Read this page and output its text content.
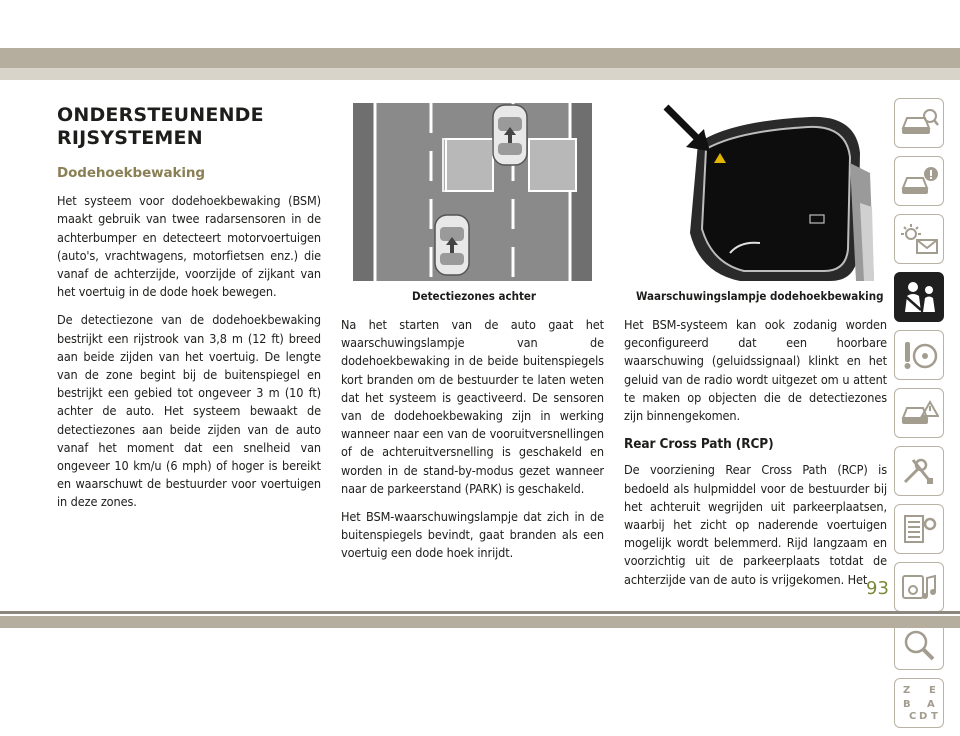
ONDERSTEUNENDE
RIJSYSTEMEN
Dodehoekbewaking

Het systeem voor dodehoekbewaking (BSM) maakt gebruik van twee radarsensoren in de achterbumper en detecteert motorvoertuigen (auto's, vrachtwagens, motorfietsen enz.) die vanaf de achterzijde, voorzijde of zijkant van het voertuig in de dode hoek bewegen.

De detectiezone van de dodehoekbewaking bestrijkt een rijstrook van 3,8 m (12 ft) breed aan beide zijden van het voertuig. De lengte van de zone begint bij de buitenspiegel en bestrijkt een gebied tot ongeveer 3 m (10 ft) achter de auto. Het systeem bewaakt de detectiezones aan beide zijden van de auto vanaf het moment dat een snelheid van ongeveer 10 km/u (6 mph) of hoger is bereikt en waarschuwt de bestuurder voor voertuigen in deze zones.

Detectiezones achter	Waarschuwingslampje dodehoekbewaking

Na het starten van de auto gaat het waarschuwingslampje van de dodehoekbewaking in de beide buitenspiegels kort branden om de bestuurder te laten weten dat het systeem is geactiveerd. De sensoren van de dodehoekbewaking zijn in werking wanneer naar een van de vooruitversnellingen of de achteruitversnelling is geschakeld en worden in de stand-by-modus gezet wanneer naar de parkeerstand (PARK) is geschakeld.

Het BSM-waarschuwingslampje dat zich in de buitenspiegels bevindt, gaat branden als een voertuig een dode hoek inrijdt.

Het BSM-systeem kan ook zodanig worden geconfigureerd dat een hoorbare waarschuwing (geluidssignaal) klinkt en het geluid van de radio wordt uitgezet om u attent te maken op objecten die de detectiezones zijn binnengekomen.

Rear Cross Path (RCP)

De voorziening Rear Cross Path (RCP) is bedoeld als hulpmiddel voor de bestuurder bij het achteruit wegrijden uit parkeerplaatsen, waarbij het zicht op naderende voertuigen mogelijk wordt belemmerd. Rijd langzaam en voorzichtig uit de parkeerplaats totdat de achterzijde van de auto is vrijgekomen. Het

Z E
B A
C D T
93
